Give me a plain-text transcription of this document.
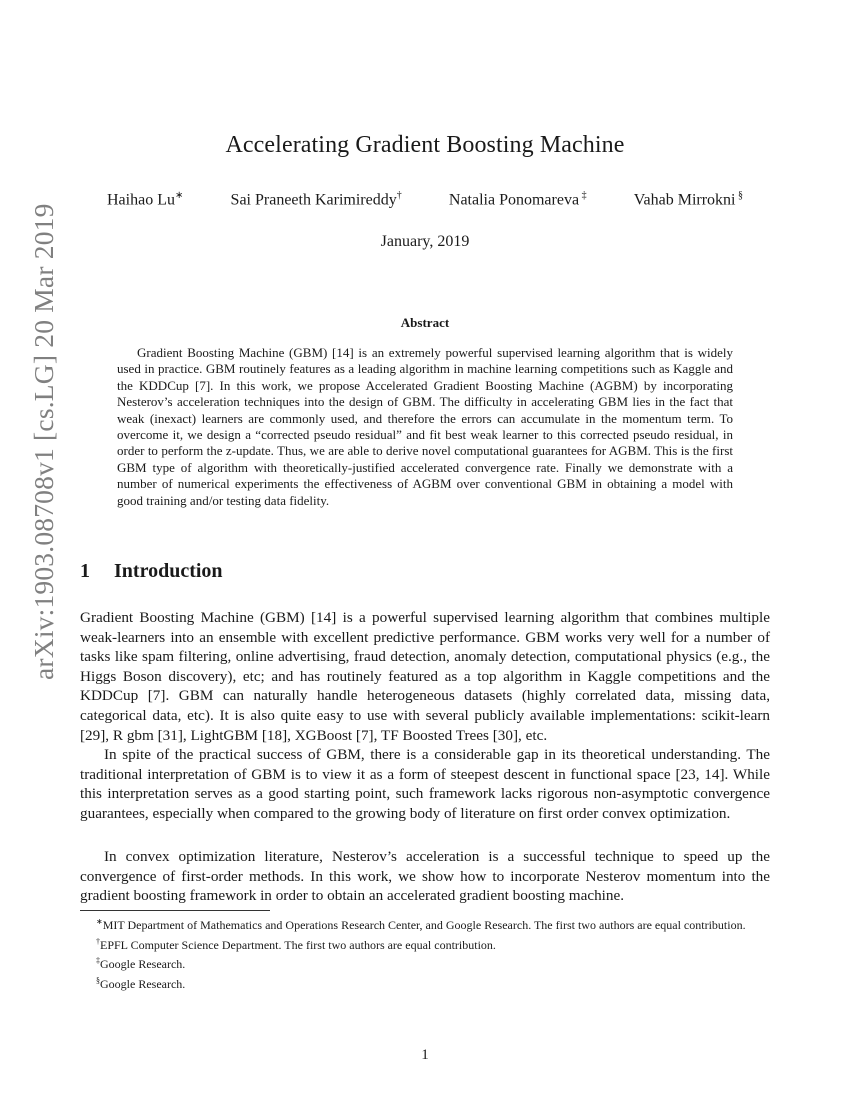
arXiv:1903.08708v1 [cs.LG] 20 Mar 2019
Accelerating Gradient Boosting Machine
Haihao Lu∗	Sai Praneeth Karimireddy†	Natalia Ponomareva ‡	Vahab Mirrokni §
January, 2019
Abstract

Gradient Boosting Machine (GBM) [14] is an extremely powerful supervised learning algorithm that is widely used in practice. GBM routinely features as a leading algorithm in machine learning competitions such as Kaggle and the KDDCup [7]. In this work, we propose Accelerated Gradient Boosting Machine (AGBM) by incorporating Nesterov’s acceleration techniques into the design of GBM. The difficulty in accelerating GBM lies in the fact that weak (inexact) learners are commonly used, and therefore the errors can accumulate in the momentum term. To overcome it, we design a “corrected pseudo residual” and fit best weak learner to this corrected pseudo residual, in order to perform the z-update. Thus, we are able to derive novel computational guarantees for AGBM. This is the first GBM type of algorithm with theoretically-justified accelerated convergence rate. Finally we demonstrate with a number of numerical experiments the effectiveness of AGBM over conventional GBM in obtaining a model with good training and/or testing data fidelity.

1 Introduction

Gradient Boosting Machine (GBM) [14] is a powerful supervised learning algorithm that combines multiple weak-learners into an ensemble with excellent predictive performance. GBM works very well for a number of tasks like spam filtering, online advertising, fraud detection, anomaly detection, computational physics (e.g., the Higgs Boson discovery), etc; and has routinely featured as a top algorithm in Kaggle competitions and the KDDCup [7]. GBM can naturally handle heterogeneous datasets (highly correlated data, missing data, categorical data, etc). It is also quite easy to use with several publicly available implementations: scikit-learn [29], R gbm [31], LightGBM [18], XGBoost [7], TF Boosted Trees [30], etc.

In spite of the practical success of GBM, there is a considerable gap in its theoretical understanding. The traditional interpretation of GBM is to view it as a form of steepest descent in functional space [23, 14]. While this interpretation serves as a good starting point, such framework lacks rigorous non-asymptotic convergence guarantees, especially when compared to the growing body of literature on first order convex optimization.

In convex optimization literature, Nesterov’s acceleration is a successful technique to speed up the convergence of first-order methods. In this work, we show how to incorporate Nesterov momentum into the gradient boosting framework in order to obtain an accelerated gradient boosting machine.

∗MIT Department of Mathematics and Operations Research Center, and Google Research. The first two authors are equal contribution.

†EPFL Computer Science Department. The first two authors are equal contribution.

‡Google Research.

§Google Research.

1
